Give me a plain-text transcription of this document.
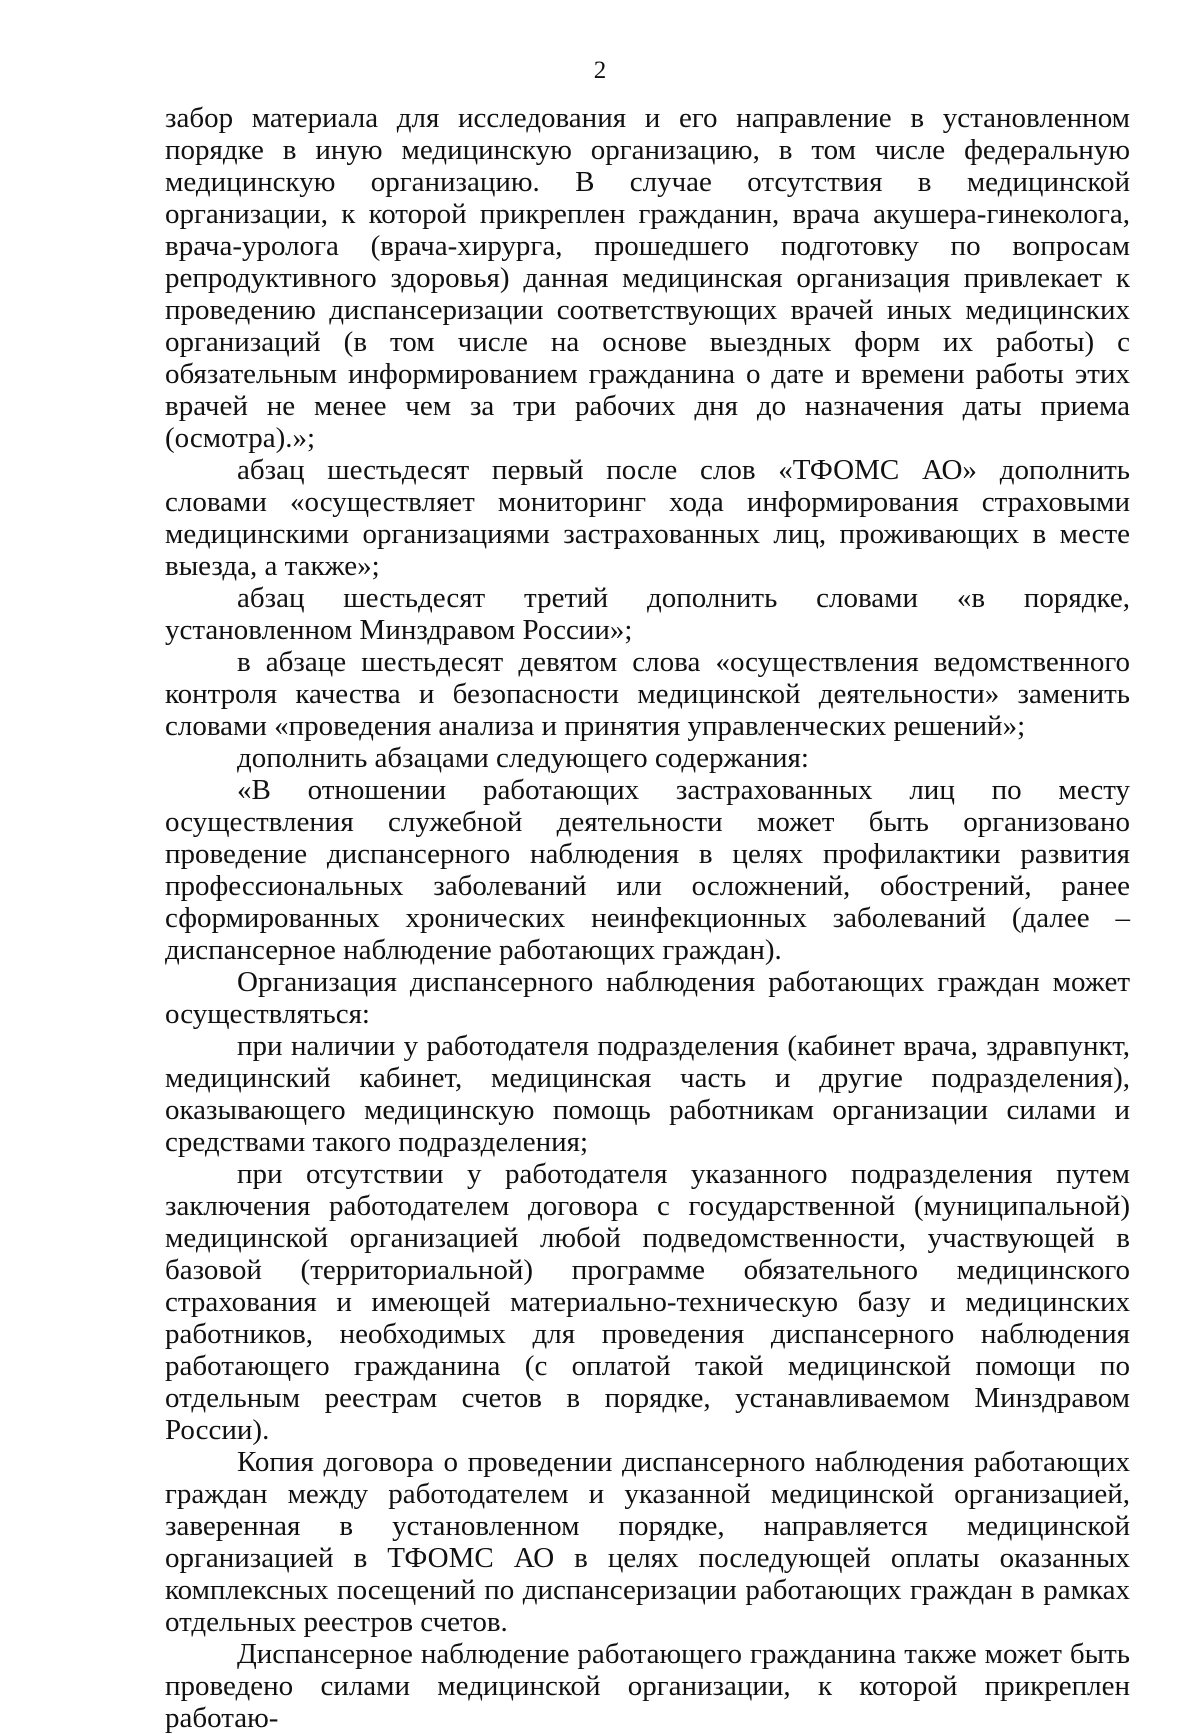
2

забор материала для исследования и его направление в установленном порядке в иную медицинскую организацию, в том числе федеральную медицинскую организацию. В случае отсутствия в медицинской организации, к которой прикреплен гражданин, врача акушера-гинеколога, врача-уролога (врача-хирурга, прошедшего подготовку по вопросам репродуктивного здоровья) данная медицинская организация привлекает к проведению диспансеризации соответствующих врачей иных медицинских организаций (в том числе на основе выездных форм их работы) с обязательным информированием гражданина о дате и времени работы этих врачей не менее чем за три рабочих дня до назначения даты приема (осмотра).»;

абзац шестьдесят первый после слов «ТФОМС АО» дополнить словами «осуществляет мониторинг хода информирования страховыми медицинскими организациями застрахованных лиц, проживающих в месте выезда, а также»;

абзац шестьдесят третий дополнить словами «в порядке, установленном Минздравом России»;

в абзаце шестьдесят девятом слова «осуществления ведомственного контроля качества и безопасности медицинской деятельности» заменить словами «проведения анализа и принятия управленческих решений»;

дополнить абзацами следующего содержания:

«В отношении работающих застрахованных лиц по месту осуществления служебной деятельности может быть организовано проведение диспансерного наблюдения в целях профилактики развития профессиональных заболеваний или осложнений, обострений, ранее сформированных хронических неинфекционных заболеваний (далее – диспансерное наблюдение работающих граждан).

Организация диспансерного наблюдения работающих граждан может осуществляться:

при наличии у работодателя подразделения (кабинет врача, здравпункт, медицинский кабинет, медицинская часть и другие подразделения), оказывающего медицинскую помощь работникам организации силами и средствами такого подразделения;

при отсутствии у работодателя указанного подразделения путем заключения работодателем договора с государственной (муниципальной) медицинской организацией любой подведомственности, участвующей в базовой (территориальной) программе обязательного медицинского страхования и имеющей материально-техническую базу и медицинских работников, необходимых для проведения диспансерного наблюдения работающего гражданина (с оплатой такой медицинской помощи по отдельным реестрам счетов в порядке, устанавливаемом Минздравом России).

Копия договора о проведении диспансерного наблюдения работающих граждан между работодателем и указанной медицинской организацией, заверенная в установленном порядке, направляется медицинской организацией в ТФОМС АО в целях последующей оплаты оказанных комплексных посещений по диспансеризации работающих граждан в рамках отдельных реестров счетов.

Диспансерное наблюдение работающего гражданина также может быть проведено силами медицинской организации, к которой прикреплен работаю-
